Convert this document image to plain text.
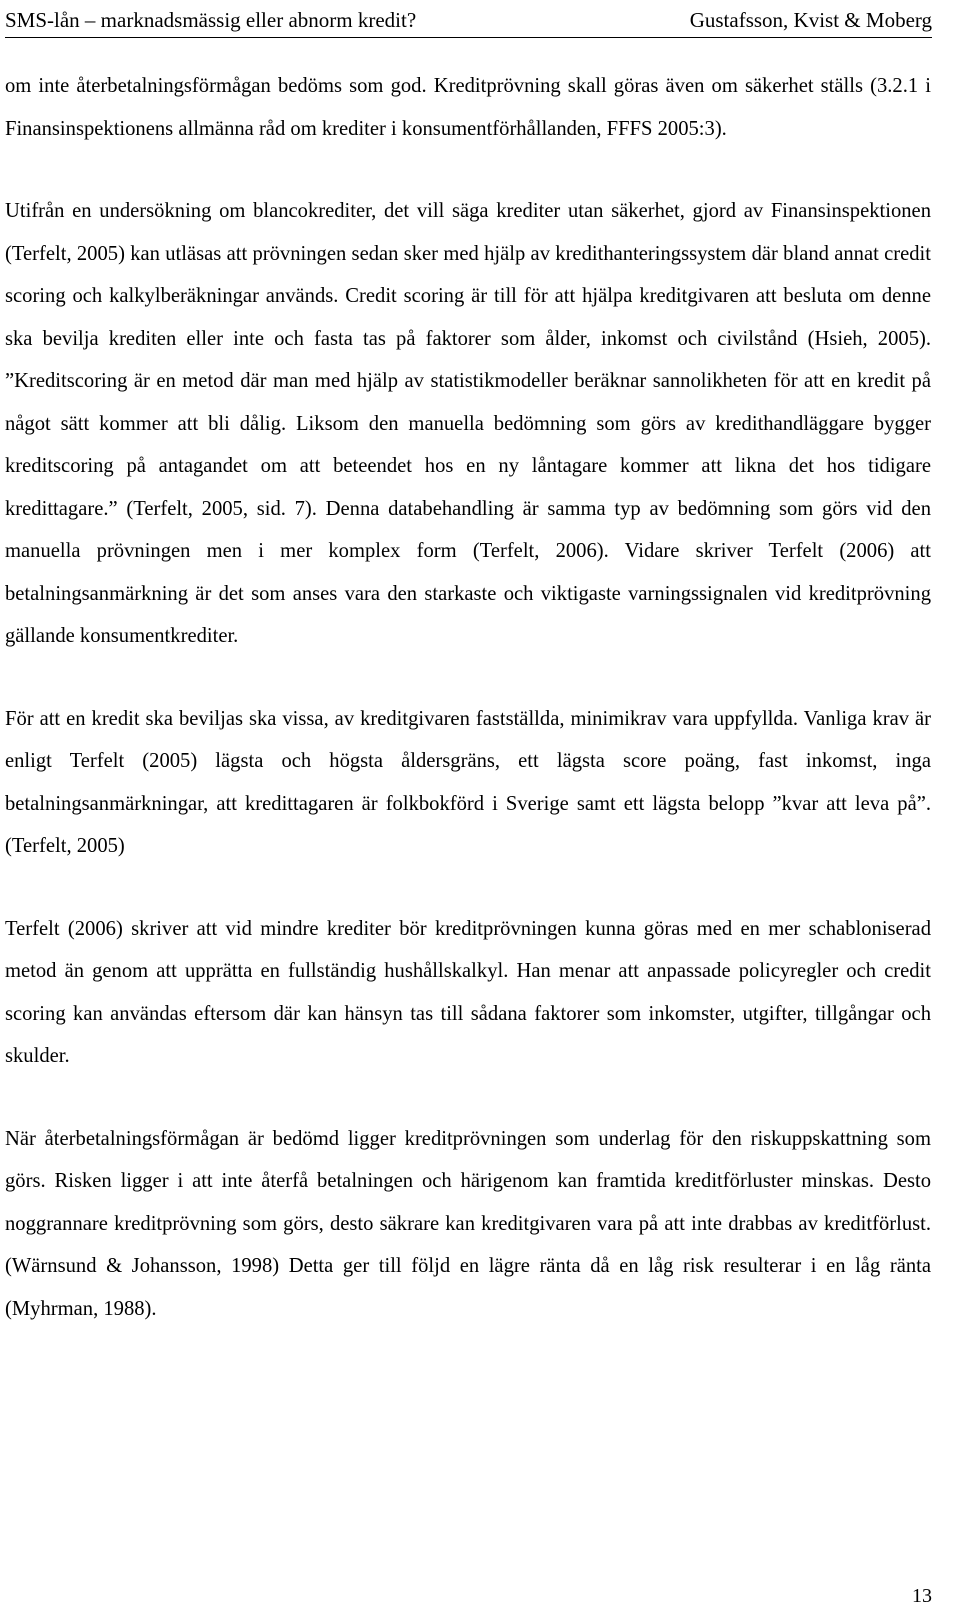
SMS-lån – marknadsmässig eller abnorm kredit?	Gustafsson, Kvist & Moberg

om inte återbetalningsförmågan bedöms som god. Kreditprövning skall göras även om säkerhet ställs (3.2.1 i Finansinspektionens allmänna råd om krediter i konsumentförhållanden, FFFS 2005:3).

Utifrån en undersökning om blancokrediter, det vill säga krediter utan säkerhet, gjord av Finansinspektionen (Terfelt, 2005) kan utläsas att prövningen sedan sker med hjälp av kredithanteringssystem där bland annat credit scoring och kalkylberäkningar används. Credit scoring är till för att hjälpa kreditgivaren att besluta om denne ska bevilja krediten eller inte och fasta tas på faktorer som ålder, inkomst och civilstånd (Hsieh, 2005). ”Kreditscoring är en metod där man med hjälp av statistikmodeller beräknar sannolikheten för att en kredit på något sätt kommer att bli dålig. Liksom den manuella bedömning som görs av kredithandläggare bygger kreditscoring på antagandet om att beteendet hos en ny låntagare kommer att likna det hos tidigare kredittagare.” (Terfelt, 2005, sid. 7). Denna databehandling är samma typ av bedömning som görs vid den manuella prövningen men i mer komplex form (Terfelt, 2006). Vidare skriver Terfelt (2006) att betalningsanmärkning är det som anses vara den starkaste och viktigaste varningssignalen vid kreditprövning gällande konsumentkrediter.

För att en kredit ska beviljas ska vissa, av kreditgivaren fastställda, minimikrav vara uppfyllda. Vanliga krav är enligt Terfelt (2005) lägsta och högsta åldersgräns, ett lägsta score poäng, fast inkomst, inga betalningsanmärkningar, att kredittagaren är folkbokförd i Sverige samt ett lägsta belopp ”kvar att leva på”. (Terfelt, 2005)

Terfelt (2006) skriver att vid mindre krediter bör kreditprövningen kunna göras med en mer schabloniserad metod än genom att upprätta en fullständig hushållskalkyl. Han menar att anpassade policyregler och credit scoring kan användas eftersom där kan hänsyn tas till sådana faktorer som inkomster, utgifter, tillgångar och skulder.

När återbetalningsförmågan är bedömd ligger kreditprövningen som underlag för den riskuppskattning som görs. Risken ligger i att inte återfå betalningen och härigenom kan framtida kreditförluster minskas. Desto noggrannare kreditprövning som görs, desto säkrare kan kreditgivaren vara på att inte drabbas av kreditförlust. (Wärnsund & Johansson, 1998) Detta ger till följd en lägre ränta då en låg risk resulterar i en låg ränta (Myhrman, 1988).

13
